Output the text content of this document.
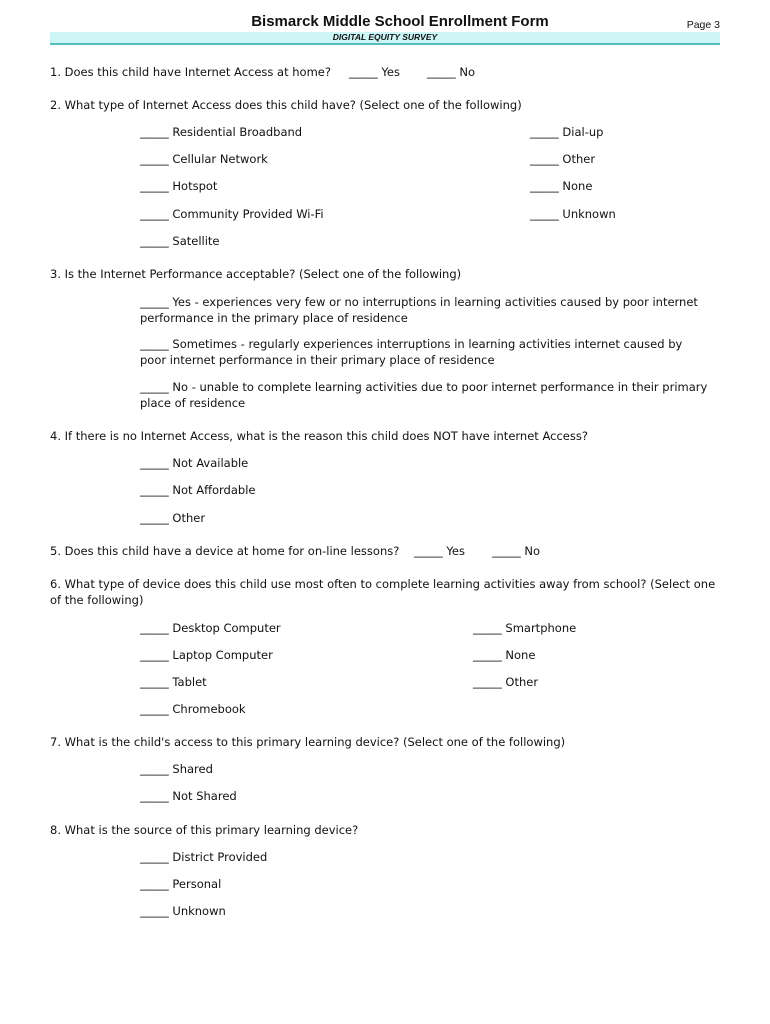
Bismarck Middle School Enrollment Form	Page 3
DIGITAL EQUITY SURVEY
1. Does this child have Internet Access at home? _____ Yes _____ No
2. What type of Internet Access does this child have? (Select one of the following)
_____ Residential Broadband
_____ Cellular Network
_____ Hotspot
_____ Community Provided Wi-Fi
_____ Satellite
_____ Dial-up
_____ Other
_____ None
_____ Unknown
3. Is the Internet Performance acceptable? (Select one of the following)
_____ Yes - experiences very few or no interruptions in learning activities caused by poor internet performance in the primary place of residence
_____ Sometimes - regularly experiences interruptions in learning activities internet caused by poor internet performance in their primary place of residence
_____ No - unable to complete learning activities due to poor internet performance in their primary place of residence
4. If there is no Internet Access, what is the reason this child does NOT have internet Access?
_____ Not Available
_____ Not Affordable
_____ Other
5. Does this child have a device at home for on-line lessons? _____ Yes _____ No
6. What type of device does this child use most often to complete learning activities away from school? (Select one of the following)
_____ Desktop Computer
_____ Laptop Computer
_____ Tablet
_____ Chromebook
_____ Smartphone
_____ None
_____ Other
7. What is the child's access to this primary learning device? (Select one of the following)
_____ Shared
_____ Not Shared
8. What is the source of this primary learning device?
_____ District Provided
_____ Personal
_____ Unknown
